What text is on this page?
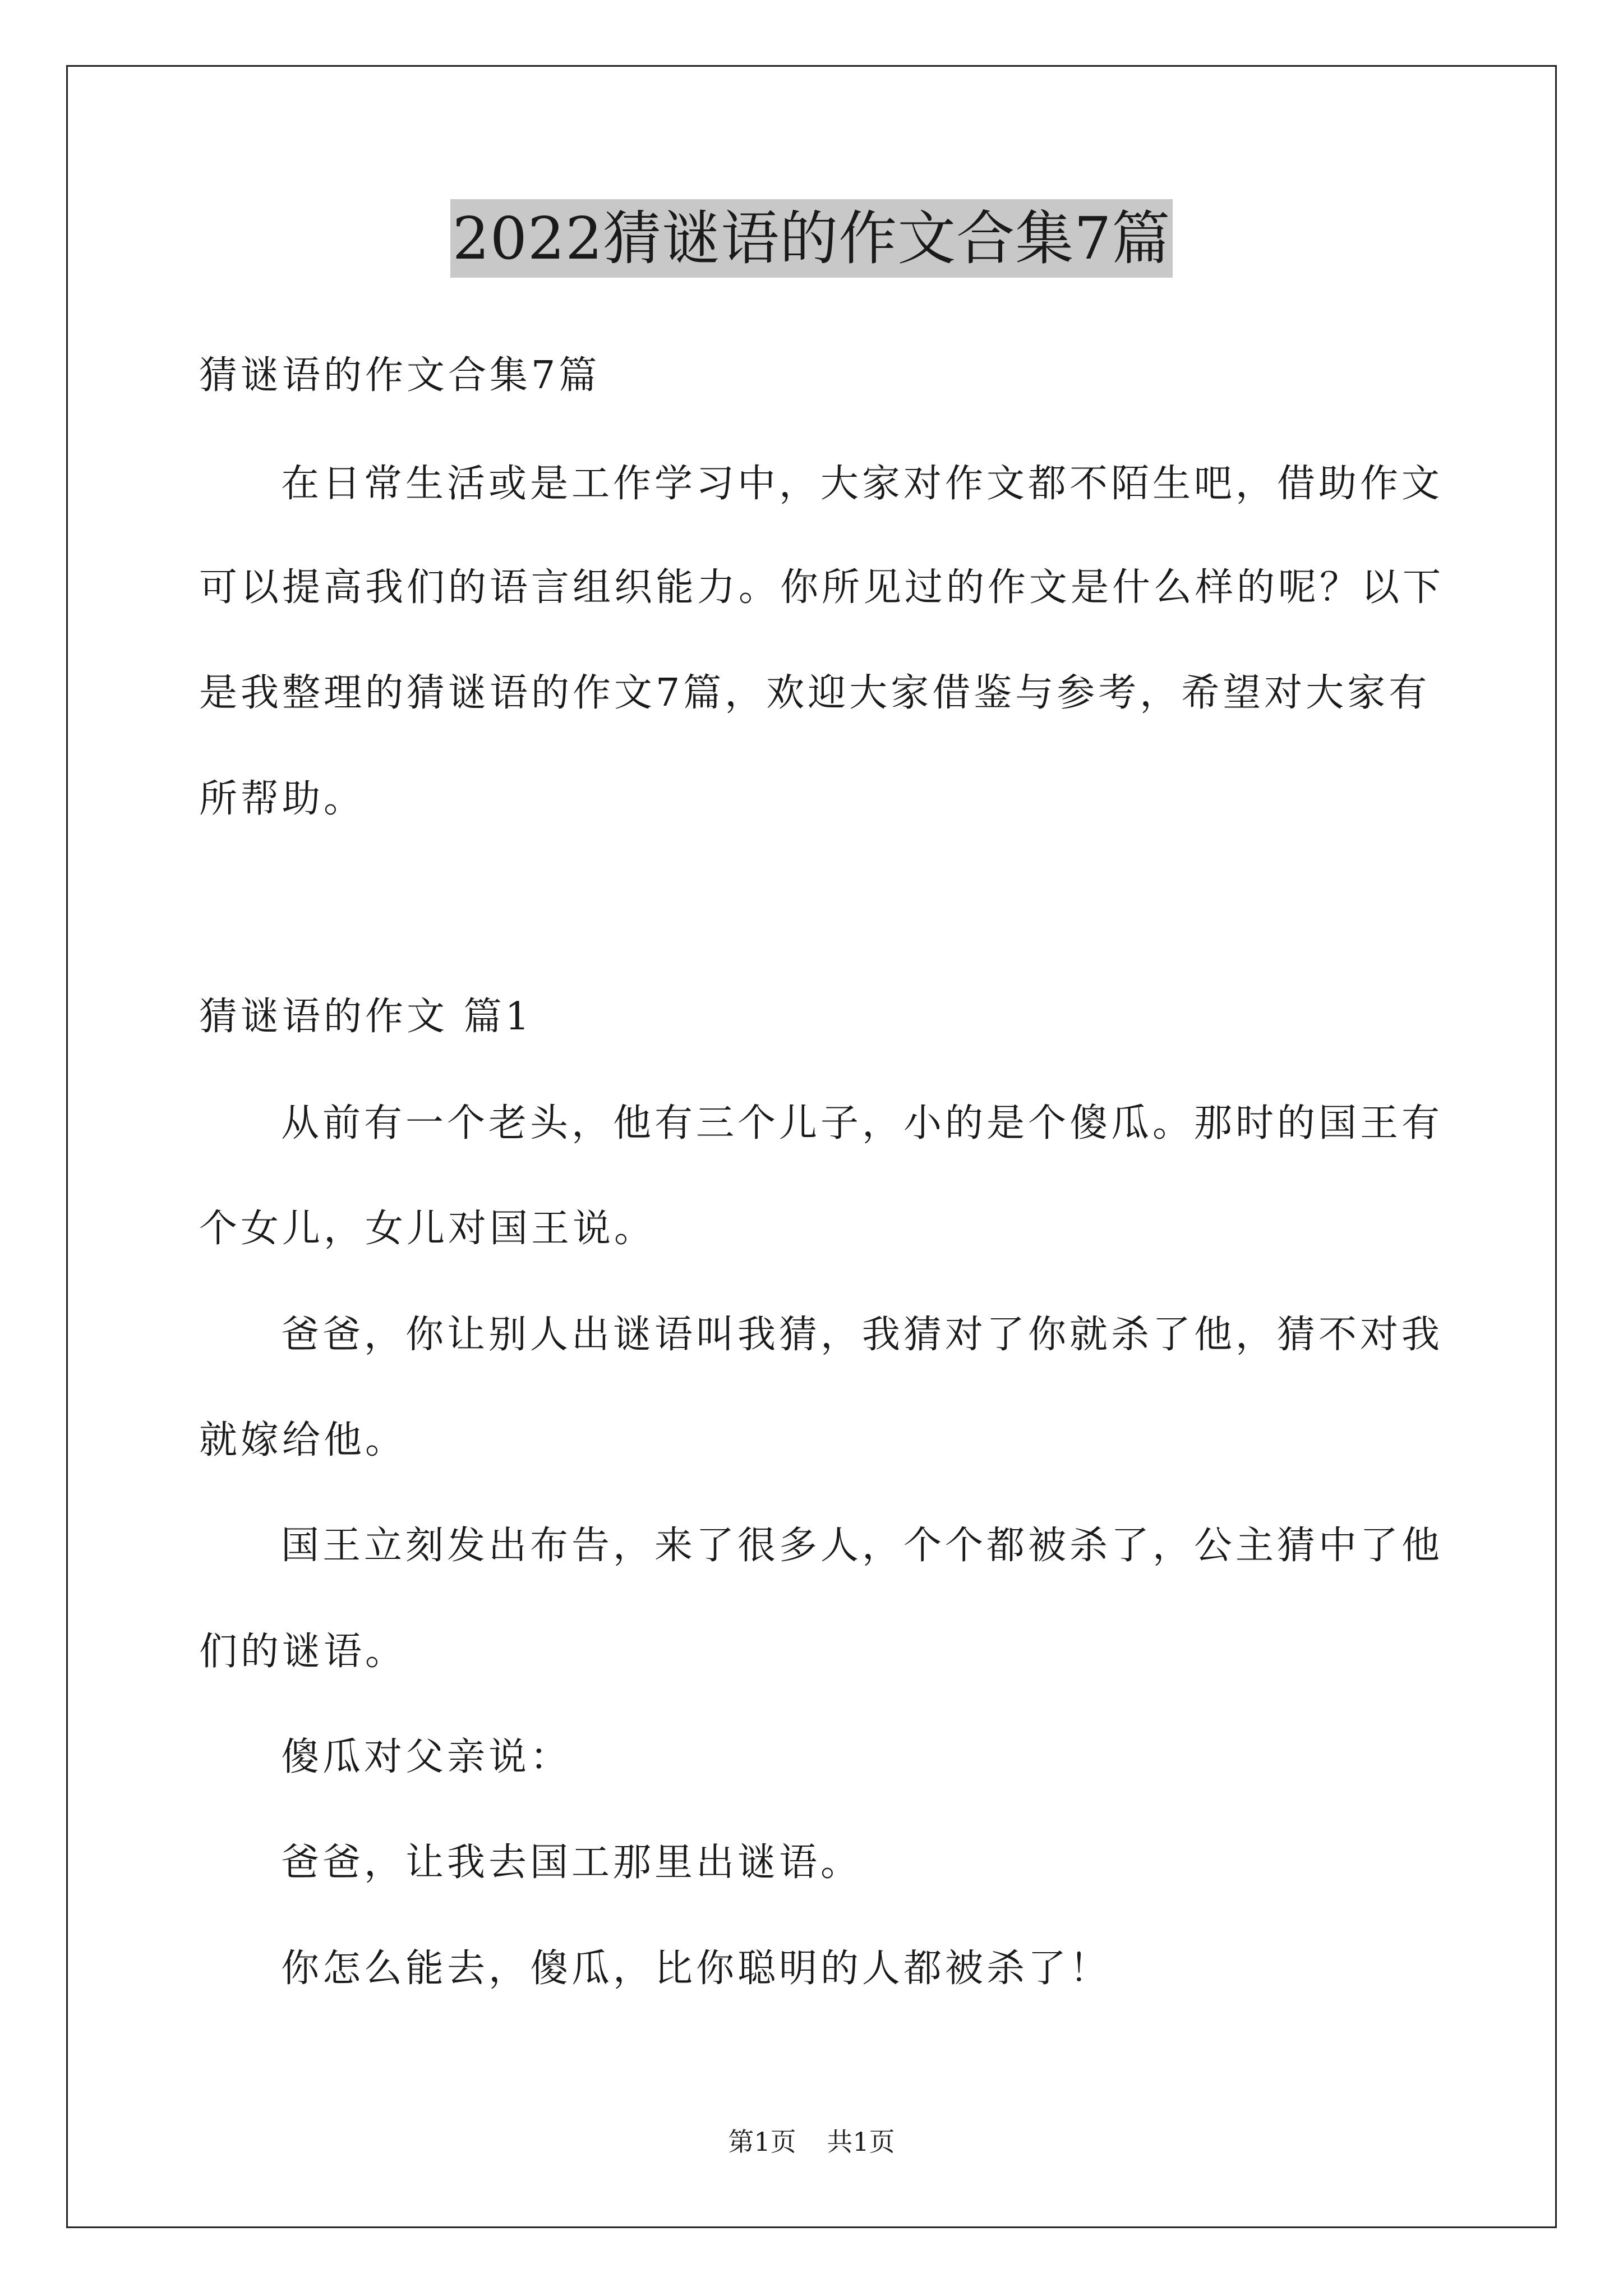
2022猜谜语的作文合集7篇
猜谜语的作文合集7篇
在日常生活或是工作学习中，大家对作文都不陌生吧，借助作文
可以提高我们的语言组织能力。你所见过的作文是什么样的呢？以下
是我整理的猜谜语的作文7篇，欢迎大家借鉴与参考，希望对大家有
所帮助。
猜谜语的作文 篇1
从前有一个老头，他有三个儿子，小的是个傻瓜。那时的国王有
个女儿，女儿对国王说。
爸爸，你让别人出谜语叫我猜，我猜对了你就杀了他，猜不对我
就嫁给他。
国王立刻发出布告，来了很多人，个个都被杀了，公主猜中了他
们的谜语。
傻瓜对父亲说：
爸爸，让我去国工那里出谜语。
你怎么能去，傻瓜，比你聪明的人都被杀了！
第1页 共1页
